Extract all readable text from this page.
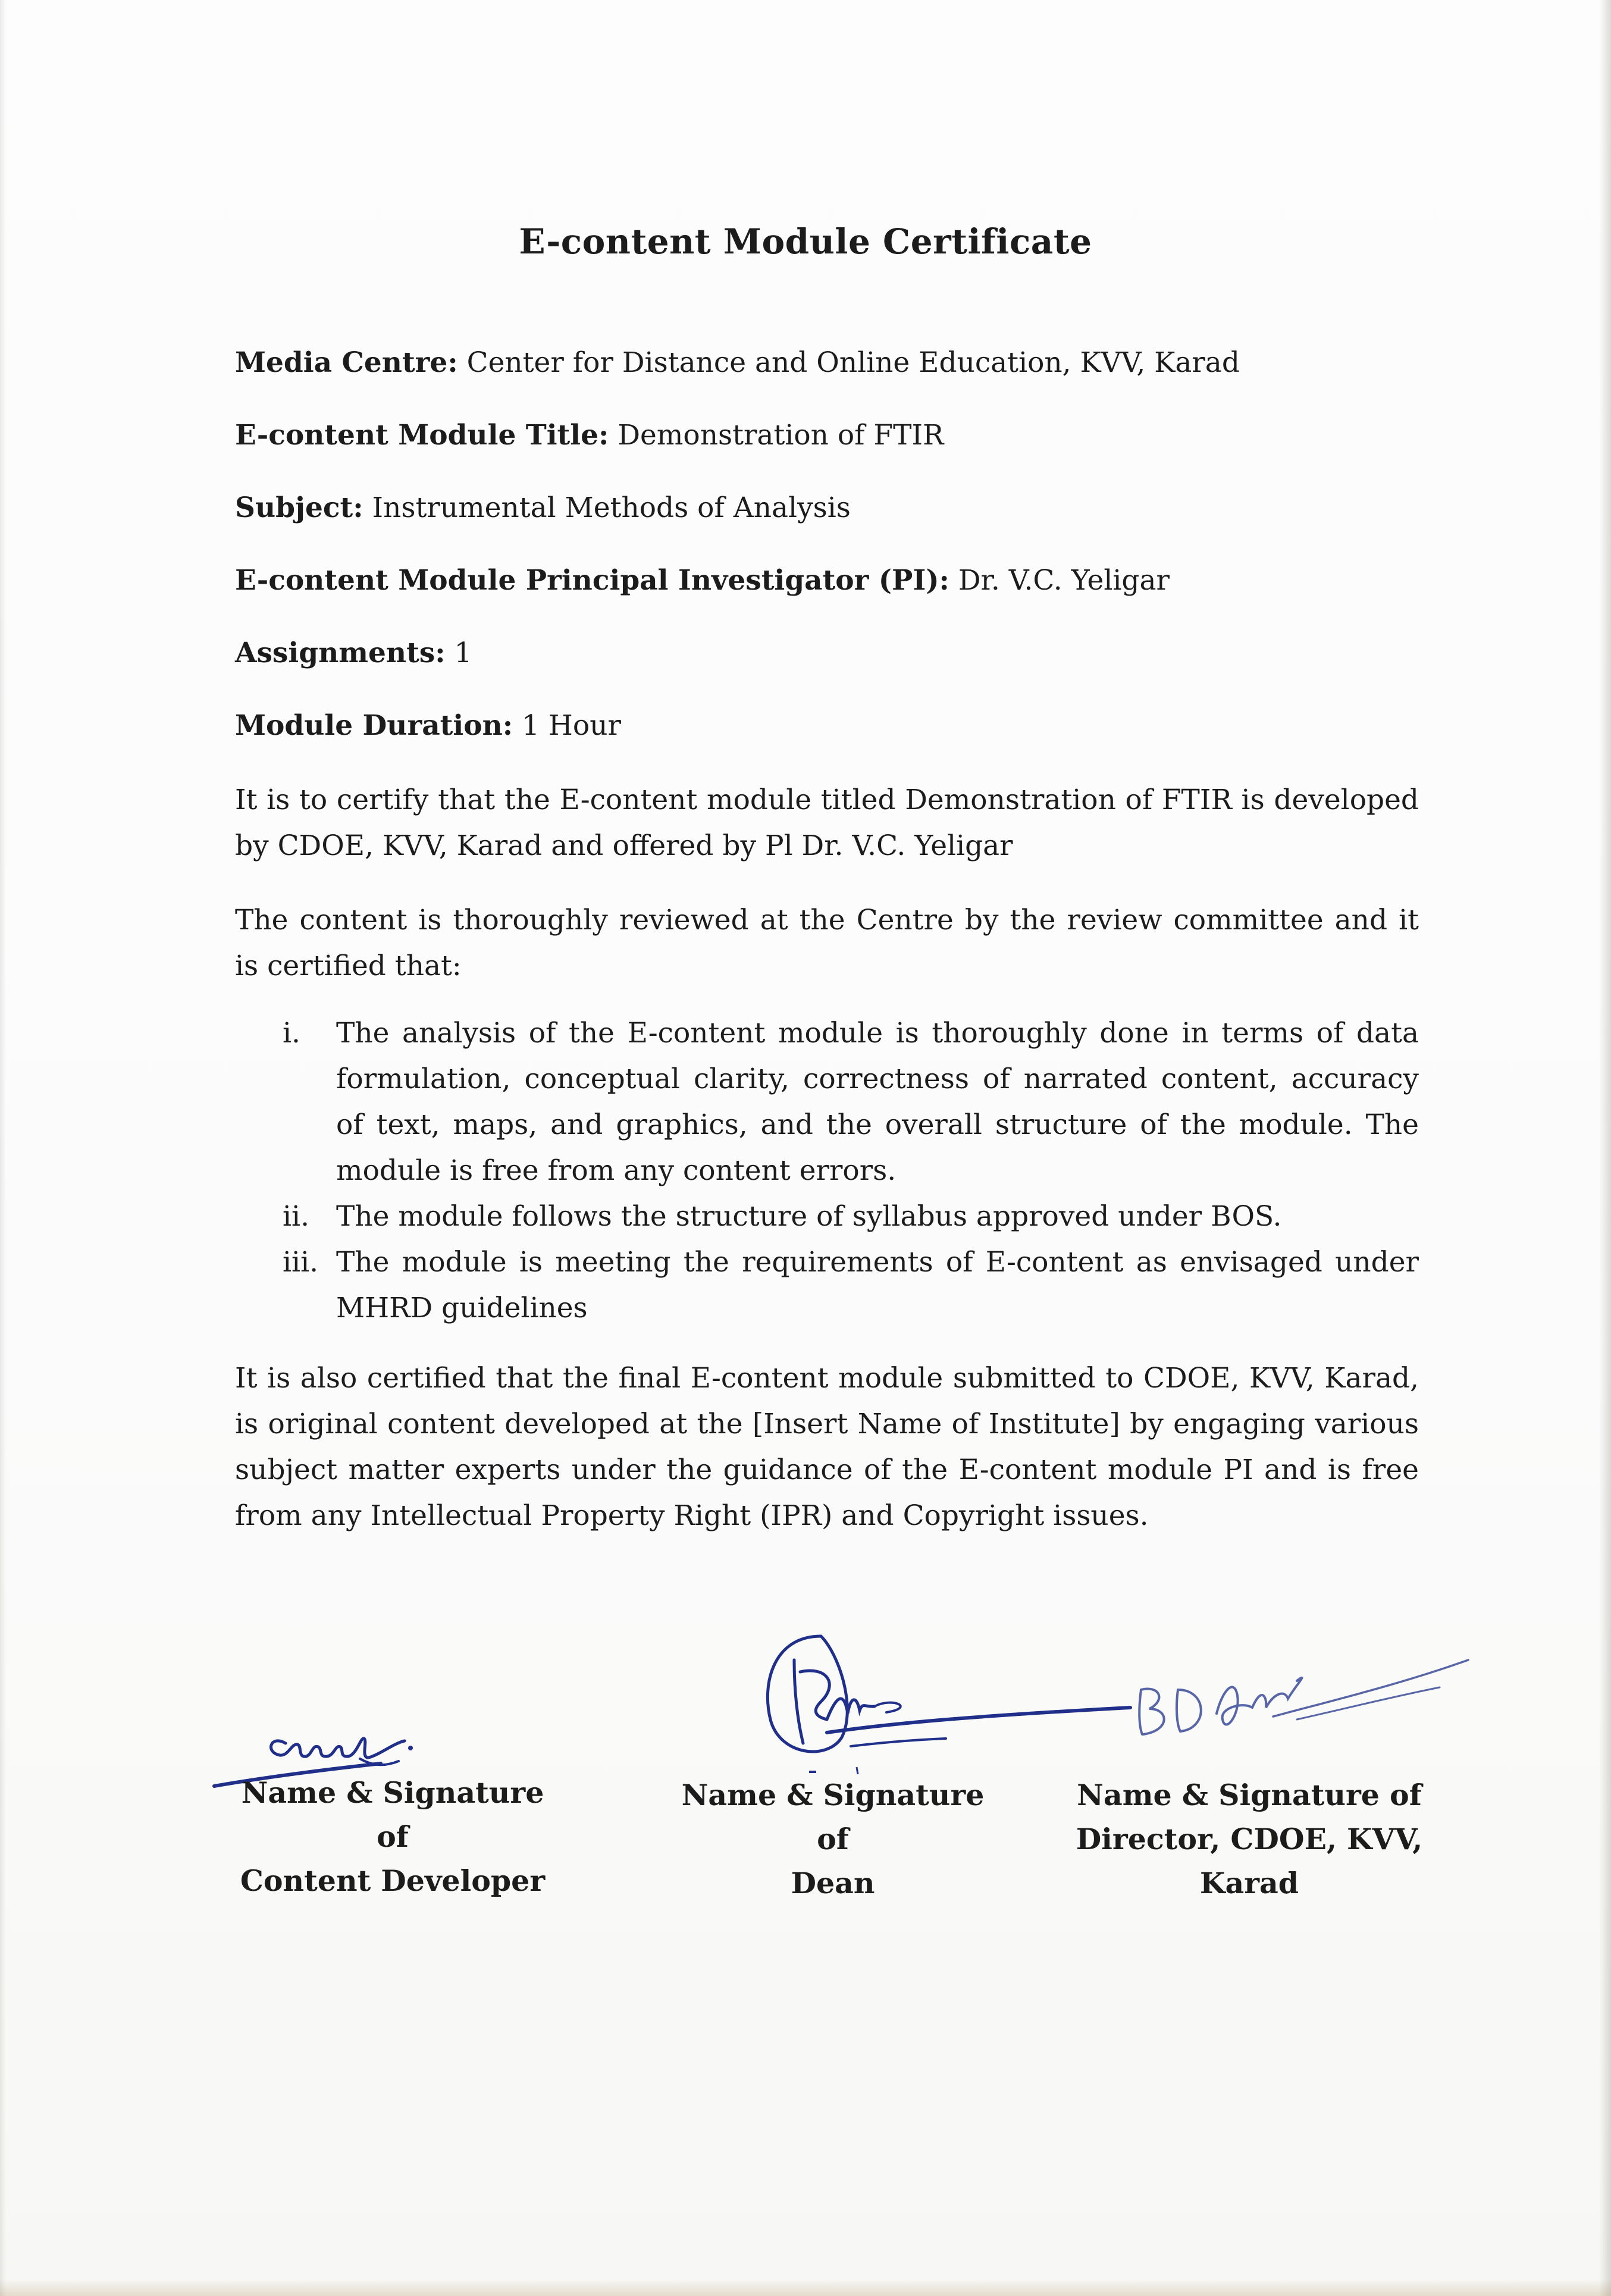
E-content Module Certificate
Media Centre: Center for Distance and Online Education, KVV, Karad
E-content Module Title: Demonstration of FTIR
Subject: Instrumental Methods of Analysis
E-content Module Principal Investigator (PI): Dr. V.C. Yeligar
Assignments: 1
Module Duration: 1 Hour
It is to certify that the E-content module titled Demonstration of FTIR is developed by CDOE, KVV, Karad and offered by Pl Dr. V.C. Yeligar
The content is thoroughly reviewed at the Centre by the review committee and it is certified that:
i. The analysis of the E-content module is thoroughly done in terms of data formulation, conceptual clarity, correctness of narrated content, accuracy of text, maps, and graphics, and the overall structure of the module. The module is free from any content errors.
ii. The module follows the structure of syllabus approved under BOS.
iii. The module is meeting the requirements of E-content as envisaged under MHRD guidelines
It is also certified that the final E-content module submitted to CDOE, KVV, Karad, is original content developed at the [Insert Name of Institute] by engaging various subject matter experts under the guidance of the E-content module PI and is free from any Intellectual Property Right (IPR) and Copyright issues.
Name & Signature of
Content Developer
Name & Signature of
Dean
Name & Signature of
Director, CDOE, KVV,
Karad
